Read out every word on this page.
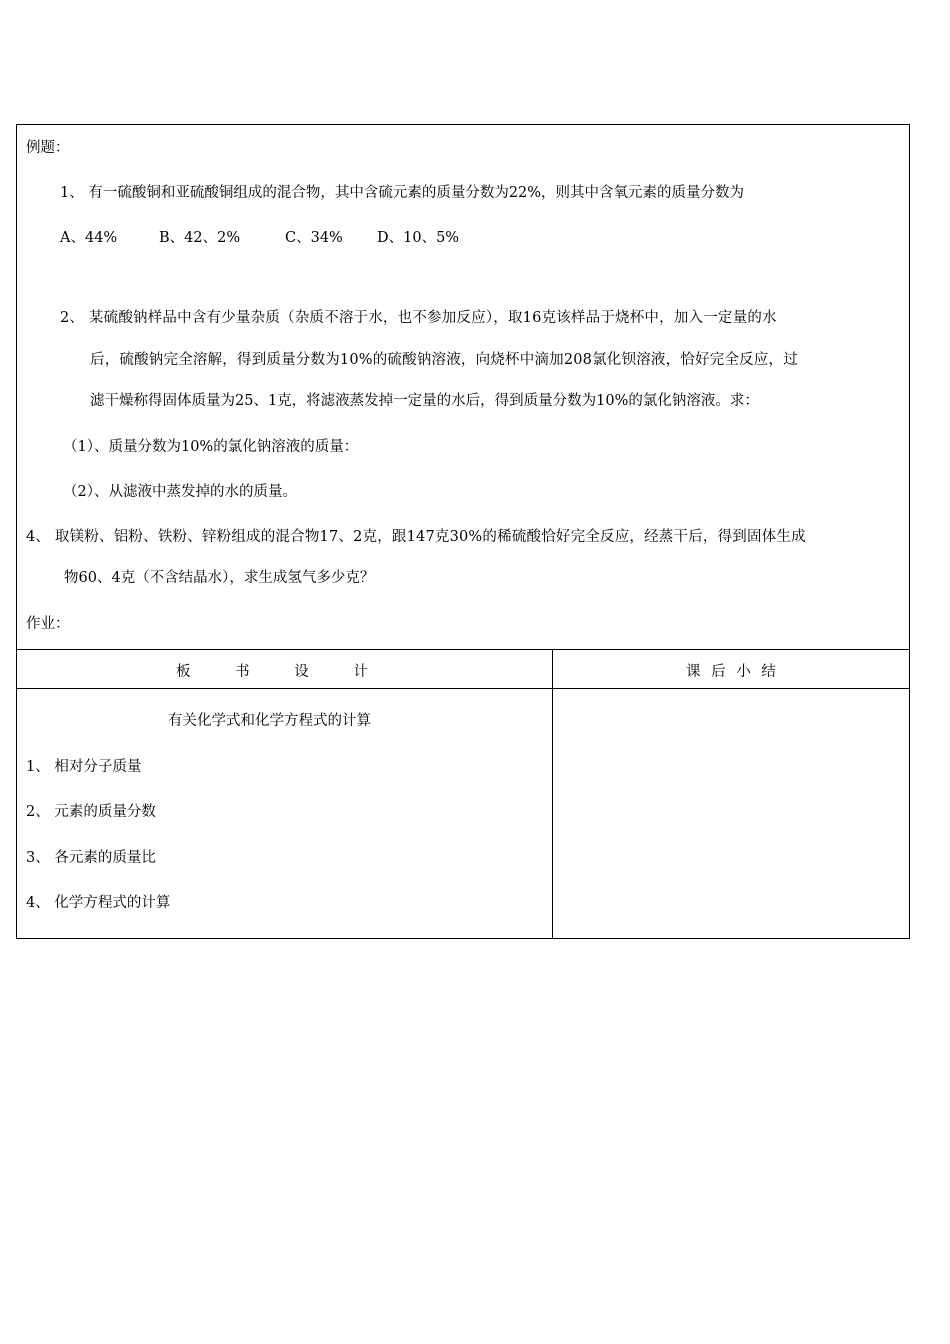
例题：
1、 有一硫酸铜和亚硫酸铜组成的混合物，其中含硫元素的质量分数为22%，则其中含氧元素的质量分数为
A、44%	B、42、2%	C、34% D、10、5%
2、 某硫酸钠样品中含有少量杂质（杂质不溶于水，也不参加反应），取16克该样品于烧杯中，加入一定量的水
后，硫酸钠完全溶解，得到质量分数为10%的硫酸钠溶液，向烧杯中滴加208氯化钡溶液，恰好完全反应，过
滤干燥称得固体质量为25、1克，将滤液蒸发掉一定量的水后，得到质量分数为10%的氯化钠溶液。求：
（1）、质量分数为10%的氯化钠溶液的质量：
（2）、从滤液中蒸发掉的水的质量。
4、 取镁粉、铝粉、铁粉、锌粉组成的混合物17、2克，跟147克30%的稀硫酸恰好完全反应，经蒸干后，得到固体生成
物60、4克（不含结晶水），求生成氢气多少克？
作业：
板 书 设 计	课 后 小 结
有关化学式和化学方程式的计算
1、 相对分子质量
2、 元素的质量分数
3、 各元素的质量比
4、 化学方程式的计算
